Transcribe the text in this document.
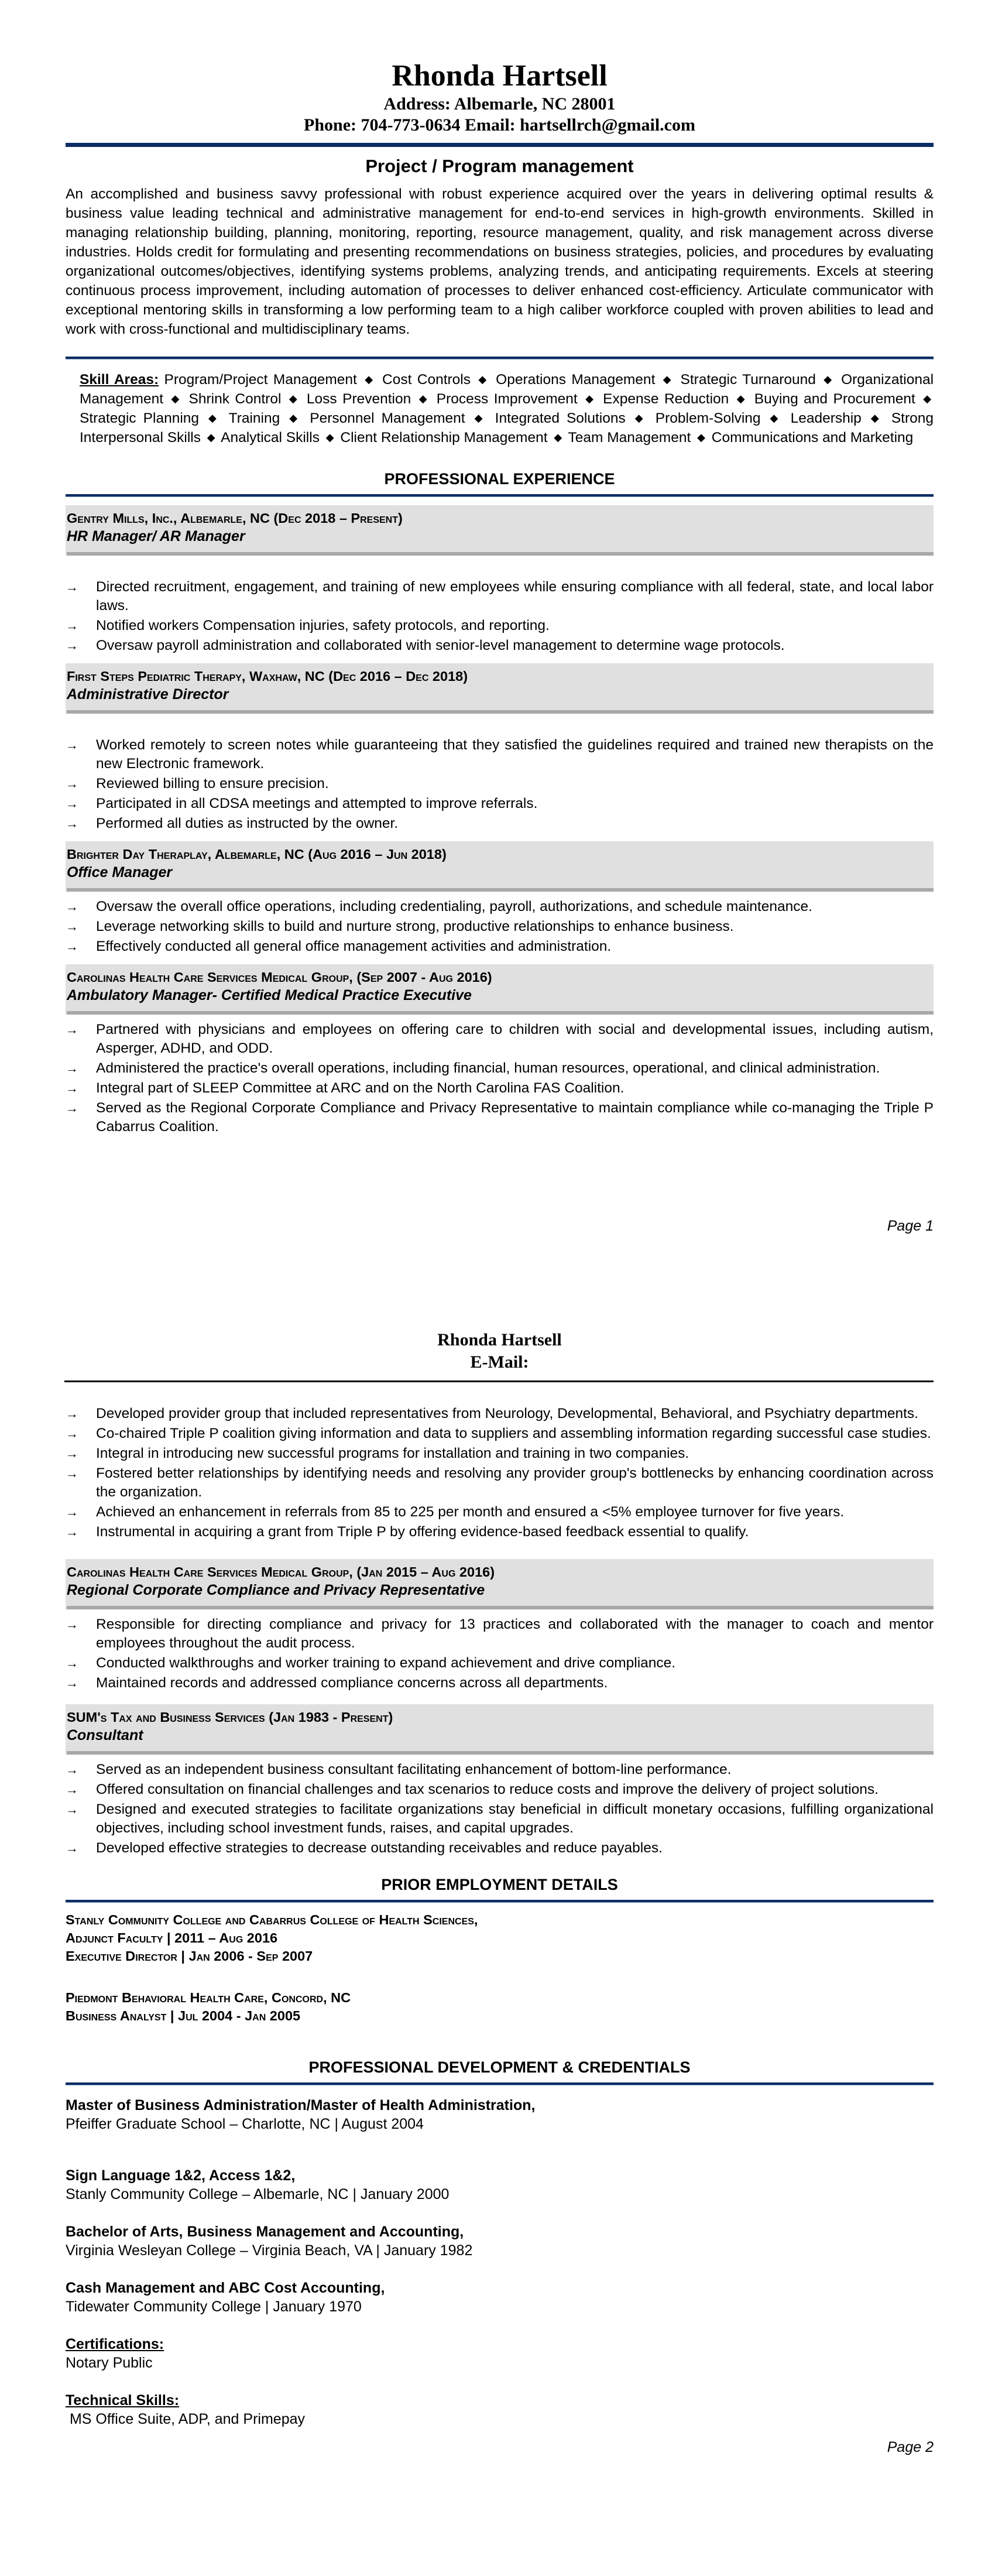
Rhonda Hartsell
Address: Albemarle, NC 28001
Phone: 704-773-0634 Email: hartsellrch@gmail.com
Project / Program management

An accomplished and business savvy professional with robust experience acquired over the years in delivering optimal results & business value leading technical and administrative management for end-to-end services in high-growth environments. Skilled in managing relationship building, planning, monitoring, reporting, resource management, quality, and risk management across diverse industries. Holds credit for formulating and presenting recommendations on business strategies, policies, and procedures by evaluating organizational outcomes/objectives, identifying systems problems, analyzing trends, and anticipating requirements. Excels at steering continuous process improvement, including automation of processes to deliver enhanced cost-efficiency. Articulate communicator with exceptional mentoring skills in transforming a low performing team to a high caliber workforce coupled with proven abilities to lead and work with cross-functional and multidisciplinary teams.

Skill Areas: Program/Project Management ◆ Cost Controls ◆ Operations Management ◆ Strategic Turnaround ◆ Organizational Management ◆ Shrink Control ◆ Loss Prevention ◆ Process Improvement ◆ Expense Reduction ◆ Buying and Procurement ◆ Strategic Planning ◆ Training ◆ Personnel Management ◆ Integrated Solutions ◆ Problem-Solving ◆ Leadership ◆ Strong Interpersonal Skills ◆ Analytical Skills ◆ Client Relationship Management ◆ Team Management ◆ Communications and Marketing

PROFESSIONAL EXPERIENCE
Gentry Mills, Inc., Albemarle, NC (Dec 2018 – Present)
HR Manager/ AR Manager
→ Directed recruitment, engagement, and training of new employees while ensuring compliance with all federal, state, and local labor laws.
→ Notified workers Compensation injuries, safety protocols, and reporting.
→ Oversaw payroll administration and collaborated with senior-level management to determine wage protocols.
First Steps Pediatric Therapy, Waxhaw, NC (Dec 2016 – Dec 2018)
Administrative Director
→ Worked remotely to screen notes while guaranteeing that they satisfied the guidelines required and trained new therapists on the new Electronic framework.
→ Reviewed billing to ensure precision.
→ Participated in all CDSA meetings and attempted to improve referrals.
→ Performed all duties as instructed by the owner.
Brighter Day Theraplay, Albemarle, NC (Aug 2016 – Jun 2018)
Office Manager
→ Oversaw the overall office operations, including credentialing, payroll, authorizations, and schedule maintenance.
→ Leverage networking skills to build and nurture strong, productive relationships to enhance business.
→ Effectively conducted all general office management activities and administration.
Carolinas Health Care Services Medical Group, (Sep 2007 - Aug 2016)
Ambulatory Manager- Certified Medical Practice Executive
→ Partnered with physicians and employees on offering care to children with social and developmental issues, including autism, Asperger, ADHD, and ODD.
→ Administered the practice's overall operations, including financial, human resources, operational, and clinical administration.
→ Integral part of SLEEP Committee at ARC and on the North Carolina FAS Coalition.
→ Served as the Regional Corporate Compliance and Privacy Representative to maintain compliance while co-managing the Triple P Cabarrus Coalition.
Page 1
Rhonda Hartsell
E-Mail:
→ Developed provider group that included representatives from Neurology, Developmental, Behavioral, and Psychiatry departments.
→ Co-chaired Triple P coalition giving information and data to suppliers and assembling information regarding successful case studies.
→ Integral in introducing new successful programs for installation and training in two companies.
→ Fostered better relationships by identifying needs and resolving any provider group's bottlenecks by enhancing coordination across the organization.
→ Achieved an enhancement in referrals from 85 to 225 per month and ensured a <5% employee turnover for five years.
→ Instrumental in acquiring a grant from Triple P by offering evidence-based feedback essential to qualify.
Carolinas Health Care Services Medical Group, (Jan 2015 – Aug 2016)
Regional Corporate Compliance and Privacy Representative
→ Responsible for directing compliance and privacy for 13 practices and collaborated with the manager to coach and mentor employees throughout the audit process.
→ Conducted walkthroughs and worker training to expand achievement and drive compliance.
→ Maintained records and addressed compliance concerns across all departments.
SUM's Tax and Business Services (Jan 1983 - Present)
Consultant
→ Served as an independent business consultant facilitating enhancement of bottom-line performance.
→ Offered consultation on financial challenges and tax scenarios to reduce costs and improve the delivery of project solutions.
→ Designed and executed strategies to facilitate organizations stay beneficial in difficult monetary occasions, fulfilling organizational objectives, including school investment funds, raises, and capital upgrades.
→ Developed effective strategies to decrease outstanding receivables and reduce payables.
PRIOR EMPLOYMENT DETAILS
Stanly Community College and Cabarrus College of Health Sciences,
Adjunct Faculty | 2011 – Aug 2016
Executive Director | Jan 2006 - Sep 2007
Piedmont Behavioral Health Care, Concord, NC
Business Analyst | Jul 2004 - Jan 2005
PROFESSIONAL DEVELOPMENT & CREDENTIALS
Master of Business Administration/Master of Health Administration,
Pfeiffer Graduate School – Charlotte, NC | August 2004
Sign Language 1&2, Access 1&2,
Stanly Community College – Albemarle, NC | January 2000
Bachelor of Arts, Business Management and Accounting,
Virginia Wesleyan College – Virginia Beach, VA | January 1982
Cash Management and ABC Cost Accounting,
Tidewater Community College | January 1970
Certifications:
Notary Public
Technical Skills:
MS Office Suite, ADP, and Primepay
Page 2
